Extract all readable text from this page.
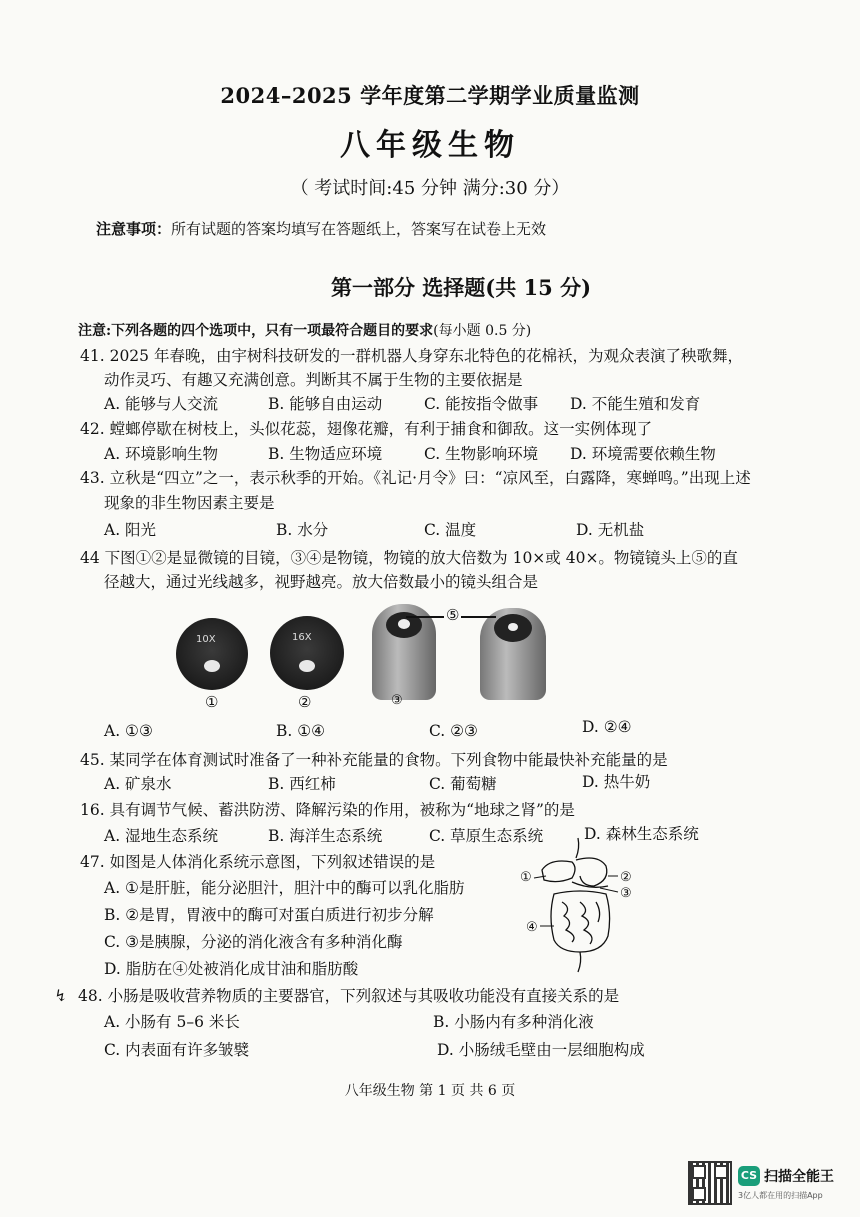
2024–2025 学年度第二学期学业质量监测
八年级生物
（ 考试时间:45 分钟 满分:30 分）
注意事项：所有试题的答案均填写在答题纸上，答案写在试卷上无效
第一部分 选择题(共 15 分)
注意:下列各题的四个选项中，只有一项最符合题目的要求(每小题 0.5 分)
41. 2025 年春晚，由宇树科技研发的一群机器人身穿东北特色的花棉袄，为观众表演了秧歌舞，
动作灵巧、有趣又充满创意。判断其不属于生物的主要依据是
A. 能够与人交流	B. 能够自由运动	C. 能按指令做事 D. 不能生殖和发育
42. 螳螂停歇在树枝上，头似花蕊，翅像花瓣，有利于捕食和御敌。这一实例体现了
A. 环境影响生物	B. 生物适应环境	C. 生物影响环境 D. 环境需要依赖生物
43. 立秋是“四立”之一，表示秋季的开始。《礼记·月令》曰：“凉风至，白露降，寒蝉鸣。”出现上述
现象的非生物因素主要是
A. 阳光	B. 水分	C. 温度	D. 无机盐
44 下图①②是显微镜的目镜，③④是物镜，物镜的放大倍数为 10×或 40×。物镜镜头上⑤的直
径越大，通过光线越多，视野越亮。放大倍数最小的镜头组合是
10X	16X
⑤
①	②	③
A. ①③	B. ①④	C. ②③	D. ②④
45. 某同学在体育测试时准备了一种补充能量的食物。下列食物中能最快补充能量的是
A. 矿泉水	B. 西红柿	C. 葡萄糖	D. 热牛奶
16. 具有调节气候、蓄洪防涝、降解污染的作用，被称为“地球之肾”的是
A. 湿地生态系统	B. 海洋生态系统	C. 草原生态系统	D. 森林生态系统
47. 如图是人体消化系统示意图，下列叙述错误的是
A. ①是肝脏，能分泌胆汁，胆汁中的酶可以乳化脂肪
B. ②是胃，胃液中的酶可对蛋白质进行初步分解
C. ③是胰腺，分泌的消化液含有多种消化酶
D. 脂肪在④处被消化成甘油和脂肪酸
①	②
③
④
↯ 48. 小肠是吸收营养物质的主要器官，下列叙述与其吸收功能没有直接关系的是
A. 小肠有 5–6 米长	B. 小肠内有多种消化液
C. 内表面有许多皱襞	D. 小肠绒毛壁由一层细胞构成
八年级生物 第 1 页 共 6 页
CS 扫描全能王
3亿人都在用的扫描App
